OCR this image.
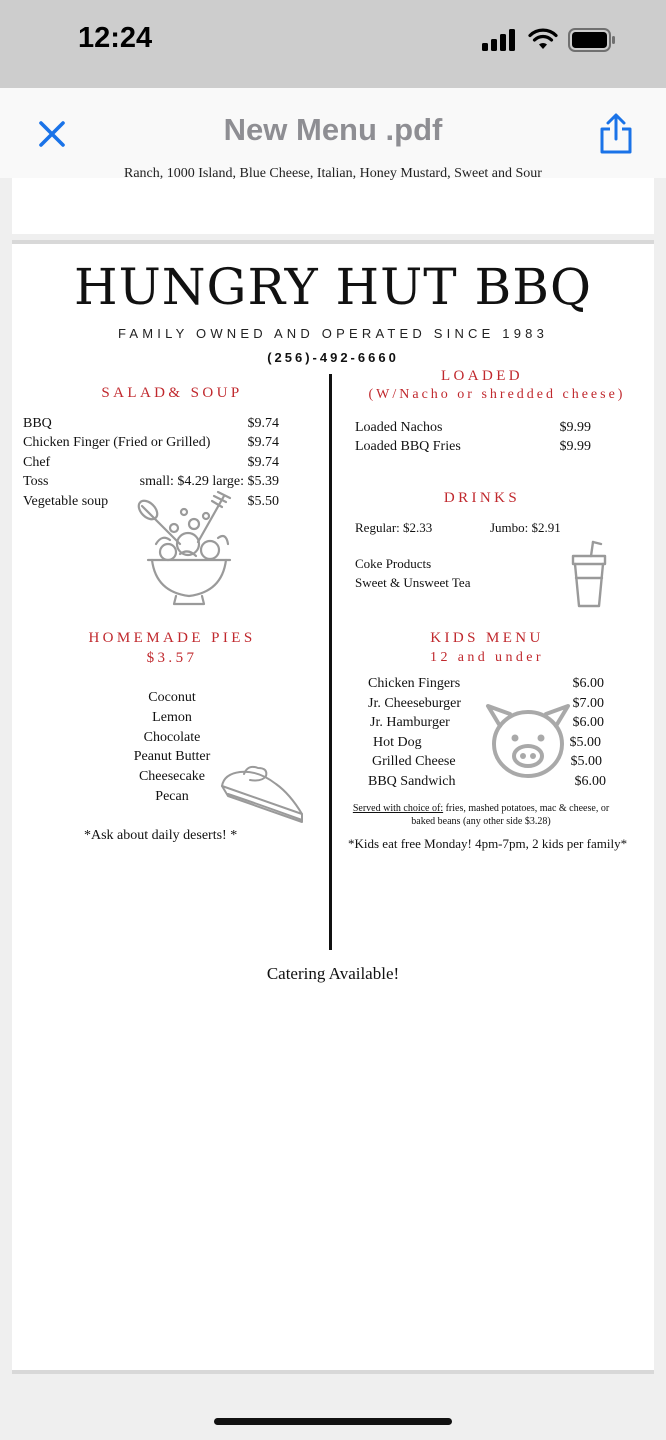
12:24
New Menu .pdf
Ranch, 1000 Island, Blue Cheese, Italian, Honey Mustard, Sweet and Sour
HUNGRY HUT BBQ
FAMILY OWNED AND OPERATED SINCE 1983
(256)-492-6660
SALAD& SOUP
BBQ	$9.74
Chicken Finger (Fried or Grilled)	$9.74
Chef	$9.74
Toss	small: $4.29 large: $5.39
Vegetable soup	$5.50
LOADED
(W/Nacho or shredded cheese)
Loaded Nachos	$9.99
Loaded BBQ Fries	$9.99
DRINKS
Regular: $2.33	Jumbo: $2.91
Coke Products
Sweet & Unsweet Tea
HOMEMADE PIES
$3.57
Coconut
Lemon
Chocolate
Peanut Butter
Cheesecake
Pecan
*Ask about daily deserts! *
KIDS MENU
12 and under
Chicken Fingers	$6.00
Jr. Cheeseburger	$7.00
Jr. Hamburger	$6.00
Hot Dog	$5.00
Grilled Cheese	$5.00
BBQ Sandwich	$6.00
Served with choice of: fries, mashed potatoes, mac & cheese, or baked beans (any other side $3.28)
*Kids eat free Monday! 4pm-7pm, 2 kids per family*
Catering Available!
